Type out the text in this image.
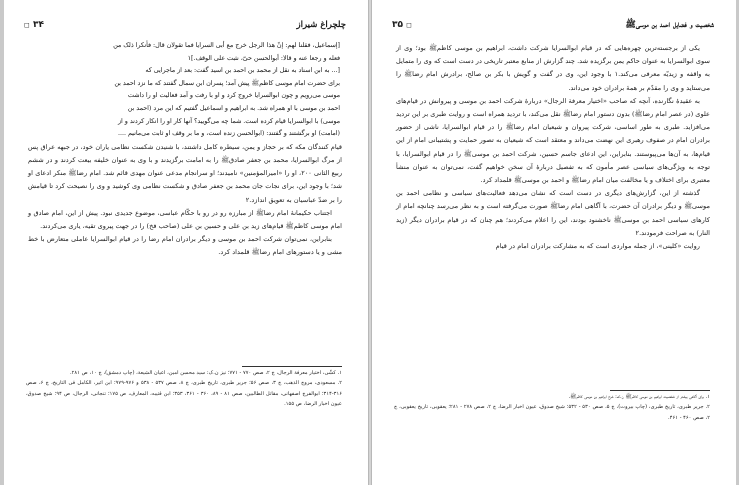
۳۴ ◻	چلچراغ شیراز

[إسماعیل، فقلنا لهم: إنّ هذا الرجل خرج مع أبی السرایا فما تقولان قال: فأنکرا ذلک من

فعله و رجعا عنه و قالا: أبوالحسن حیّ، نثبت علی الوقف.]۱

[... به ابن اسناد به نقل از محمد بن احمد بن اسید گفت: بعد از ماجرایی که

برای حضرت امام موسی کاظم‌ﷺ پیش آمد؛ پسران ابن سمال گفتند که ما نزد احمد بن

موسی می‌رویم و چون ابوالسرایا خروج کرد و او با رفت و آمد فعالیت او را داشت

احمد بن موسی با او همراه شد. به ابراهیم و اسماعیل گفتیم که این مرد (احمد بن

موسی) با ابوالسرایا قیام کرده است. شما چه می‌گویید؟ آنها کار او را انکار کردند و از

(امامت) او برگشتند و گفتند: (ابوالحسن زنده است، و ما بر وقف او ثابت می‌مانیم ....

قیام کنندگان مکه که بر حجاز و یمن، سیطره کامل داشتند، با شنیدن شکست نظامی یاران خود، در جبهه عراق پس از مرگ ابوالسرایا، محمد بن جعفر صادق‌ﷺ را به امامت برگزیدند و با وی به عنوان خلیفه بیعت کردند و در ششم ربیع الثانی ۲۰۰، او را «امیرالمؤمنین» نامیدند؛ او سرانجام مدعی عنوان مهدی قائم شد. امام رضاﷺ منکر ادعای او شد؛ با وجود این، برای نجات جان محمد بن جعفر صادق و شکست نظامی وی کوشید و وی را نصیحت کرد تا قیامش را بر ضدّ عباسیان به تعویق اندازد.۲

اجتناب حکیمانهٔ امام رضاﷺ از مبارزه رو در رو با حکّام عباسی، موضوع جدیدی نبود. پیش از این، امام صادق و امام موسی کاظم‌ﷺ قیام‌های زید بن علی و حسین بن علی (صاحب فخ) را در جهت پیروی تقیه، یاری می‌کردند.

بنابراین، نمی‌توان شرکت احمد بن موسی و دیگر برادران امام رضا را در قیام ابوالسرایا عاملی متعارض با خط مشی و یا دستورهای امام رضاﷺ قلمداد کرد.

۱. کشّی، اختیار معرفة الرجال، ج ۲، صص ۷۷۰ - ۷۷۱؛ نیز ن.ک: سید محسن امین، اعیان الشیعة، (چاپ دمشق)، ج ۱۰، ص ۲۸۱.

۲. مسعودی، مروج الذهب، ج ۳، صص ۵۶؛ جریر طبری، تاریخ طبری، ج ۸، صص ۵۳۷ - ۵۳۸ و ۹۷۶-۹۷۹؛ ابن اثیر، الکامل فی التاریخ، ج ۶، صص ۳۱۶-۳۱۴؛ ابوالفرج اصفهانی، مقاتل الطالبین، صص ۸۱ - ۸۹، ۳۶۰ - ۳۶۱، ۳۵۳؛ ابن قتیبه، المعارف، ص ۱۷۵؛ تنجانی، الرجال، ص ۹۴؛ شیخ صدوق، عیون اخبار الرضا، ص ۱۵۵.

شخصیت و فضایل احمد بن موسی‌ﷺ
◻ ۳۵

یکی از برجسته‌ترین چهره‌هایی که در قیام ابوالسرایا شرکت داشت، ابراهیم بن موسی کاظم‌ﷺ بود؛ وی از سوی ابوالسرایا به عنوان حاکم یمن برگزیده شد. چند گزارش از منابع معتبر تاریخی در دست است که وی را متمایل به واقفه و زیدیّه معرفی می‌کند.۱ با وجود این، وی در گفت و گویش با بکر بن صالح، برادرش امام رضاﷺ را می‌ستاید و وی را مقدّم بر همهٔ برادران خود می‌داند.

به عقیدهٔ نگارنده، آنچه که صاحب «اختیار معرفة الرجال» دربارهٔ شرکت احمد بن موسی و پیروانش در قیام‌های علوی (در عصر امام رضاﷺ) بدون دستور امام رضاﷺ نقل می‌کند، با تردید همراه است و روایت طبری بر این تردید می‌افزاید. طبری به طور اساسی، شرکت پیروان و شیعیان امام رضاﷺ را در قیام ابوالسرایا، ناشی از حضور برادران امام در صفوف رهبری این نهضت می‌داند و معتقد است که شیعیان به تصور حمایت و پشتیبانی امام از این قیام‌ها، به آن‌ها می‌پیوستند. بنابراین، این ادعای جاسم حسین، شرکت احمد بن موسی‌ﷺ را در قیام ابوالسرایا، با توجه به ویژگی‌های سیاسی عصر مأمون که به تفصیل دربارهٔ آن سخن خواهیم گفت، نمی‌توان به عنوان منشأ معتبری برای اختلاف و یا مخالفت میان امام رضاﷺ و احمد بن موسی‌ﷺ قلمداد کرد.

گذشته از این، گزارش‌های دیگری در دست است که نشان می‌دهد فعالیت‌های سیاسی و نظامی احمد بن موسی‌ﷺ و دیگر برادران آن حضرت، با آگاهی امام رضاﷺ صورت می‌گرفته است و به نظر می‌رسد چنانچه امام از کارهای سیاسی احمد بن موسی‌ﷺ ناخشنود بودند، این را اعلام می‌کردند؛ هم چنان که در قیام برادران دیگر (زید النار) به صراحت فرمودند.۲

روایت «کلینی»، از جمله مواردی است که به مشارکت برادران امام در قیام

۱. برای آگاهی بیشتر از شخصیت ابراهیم بن موسی کاظم‌ﷺ ن.ک: شرح ابراهیم بن موسی کاظم‌ﷺ.

۲. جریر طبری، تاریخ طبری، (چاپ بیروت)، ج ۵، صص ۵۳۰ - ۵۳۲؛ شیخ صدوق، عیون اخبار الرضا، ج ۲، صص ۲۷۸ - ۲۸۱؛ یعقوبی، تاریخ یعقوبی، ج ۲، صص ۴۶۰ - ۴۶۱.
